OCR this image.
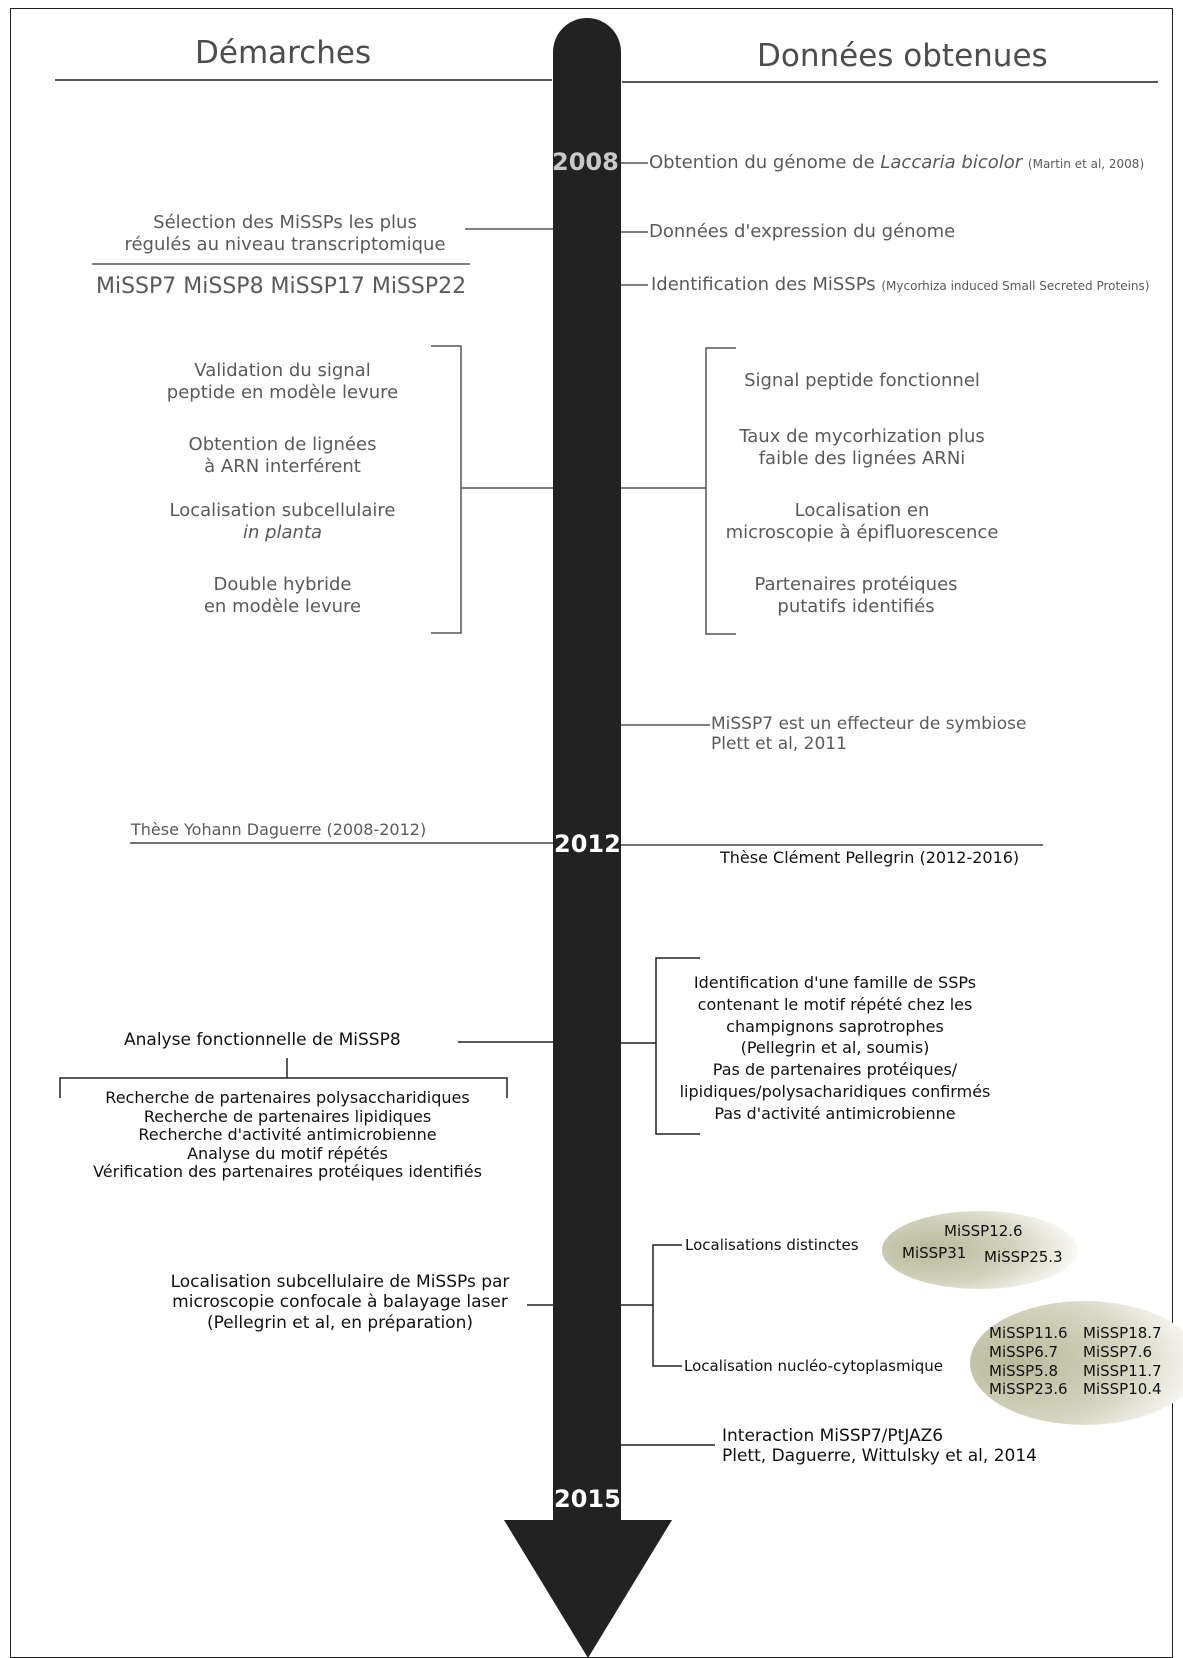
Démarches	Données obtenues
2008
2012
2015
Obtention du génome de Laccaria bicolor (Martin et al, 2008)
Données d'expression du génome
Identification des MiSSPs (Mycorhiza induced Small Secreted Proteins)
Sélection des MiSSPs les plus
régulés au niveau transcriptomique
MiSSP7 MiSSP8 MiSSP17 MiSSP22
Validation du signal
peptide en modèle levure
Obtention de lignées
à ARN interférent
Localisation subcellulaire
in planta
Double hybride
en modèle levure
Signal peptide fonctionnel
Taux de mycorhization plus
faible des lignées ARNi
Localisation en
microscopie à épifluorescence
Partenaires protéiques
putatifs identifiés
MiSSP7 est un effecteur de symbiose
Plett et al, 2011
Thèse Yohann Daguerre (2008-2012)
Thèse Clément Pellegrin (2012-2016)
Analyse fonctionnelle de MiSSP8
Recherche de partenaires polysaccharidiques
Recherche de partenaires lipidiques
Recherche d'activité antimicrobienne
Analyse du motif répétés
Vérification des partenaires protéiques identifiés
Identification d'une famille de SSPs
contenant le motif répété chez les
champignons saprotrophes
(Pellegrin et al, soumis)
Pas de partenaires protéiques/
lipidiques/polysacharidiques confirmés
Pas d'activité antimicrobienne
Localisation subcellulaire de MiSSPs par
microscopie confocale à balayage laser
(Pellegrin et al, en préparation)
Localisations distinctes
MiSSP12.6
MiSSP31 MiSSP25.3
Localisation nucléo-cytoplasmique
MiSSP11.6 MiSSP18.7
MiSSP6.7 MiSSP7.6
MiSSP5.8 MiSSP11.7
MiSSP23.6 MiSSP10.4
Interaction MiSSP7/PtJAZ6
Plett, Daguerre, Wittulsky et al, 2014
